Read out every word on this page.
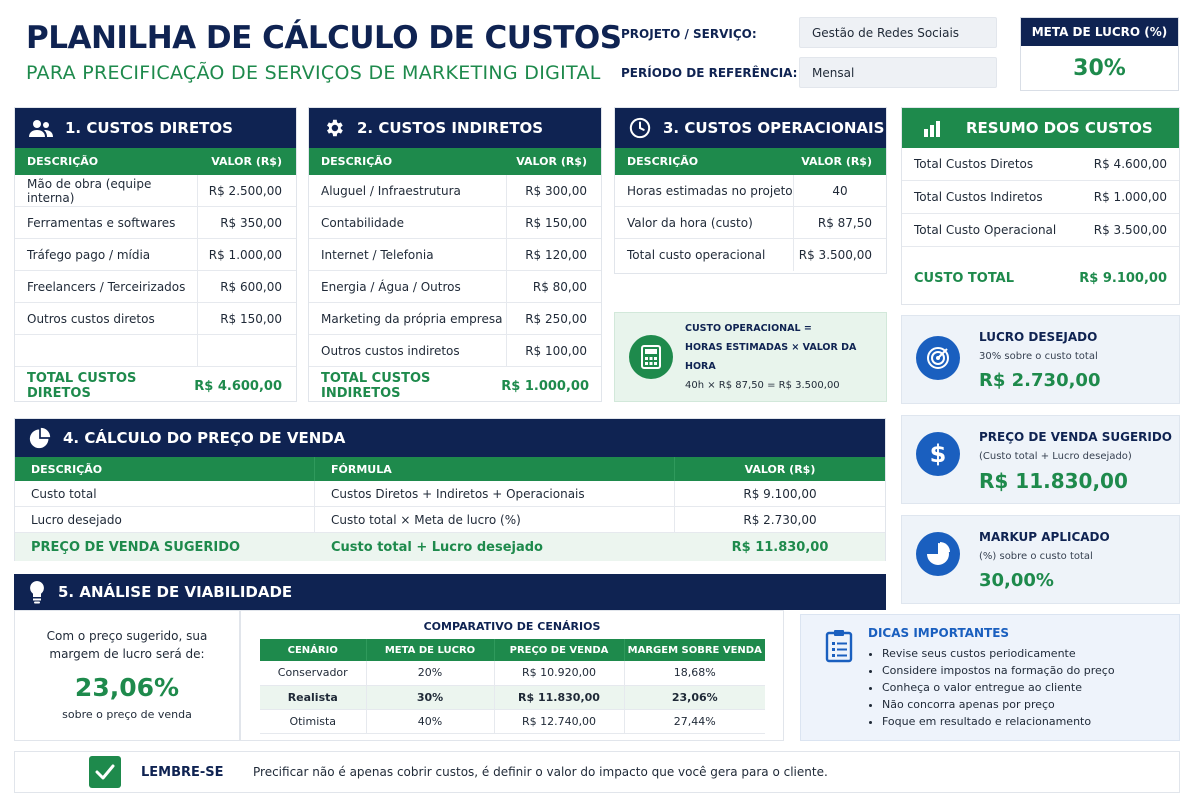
PLANILHA DE CÁLCULO DE CUSTOS
PARA PRECIFICAÇÃO DE SERVIÇOS DE MARKETING DIGITAL
PROJETO / SERVIÇO:	Gestão de Redes Sociais
PERÍODO DE REFERÊNCIA:	Mensal
META DE LUCRO (%)
30%
1. CUSTOS DIRETOS
DESCRIÇÃO	VALOR (R$)
Mão de obra (equipe interna)	R$ 2.500,00
Ferramentas e softwares	R$ 350,00
Tráfego pago / mídia	R$ 1.000,00
Freelancers / Terceirizados	R$ 600,00
Outros custos diretos	R$ 150,00
TOTAL CUSTOS DIRETOS	R$ 4.600,00
2. CUSTOS INDIRETOS
DESCRIÇÃO	VALOR (R$)
Aluguel / Infraestrutura	R$ 300,00
Contabilidade	R$ 150,00
Internet / Telefonia	R$ 120,00
Energia / Água / Outros	R$ 80,00
Marketing da própria empresa	R$ 250,00
Outros custos indiretos	R$ 100,00
TOTAL CUSTOS INDIRETOS	R$ 1.000,00
3. CUSTOS OPERACIONAIS
DESCRIÇÃO	VALOR (R$)
Horas estimadas no projeto	40
Valor da hora (custo)	R$ 87,50
Total custo operacional	R$ 3.500,00
CUSTO OPERACIONAL =
HORAS ESTIMADAS × VALOR DA HORA
40h × R$ 87,50 = R$ 3.500,00
RESUMO DOS CUSTOS
Total Custos Diretos	R$ 4.600,00
Total Custos Indiretos	R$ 1.000,00
Total Custo Operacional	R$ 3.500,00
CUSTO TOTAL	R$ 9.100,00
LUCRO DESEJADO
30% sobre o custo total
R$ 2.730,00
$
PREÇO DE VENDA SUGERIDO
(Custo total + Lucro desejado)
R$ 11.830,00
MARKUP APLICADO
(%) sobre o custo total
30,00%
4. CÁLCULO DO PREÇO DE VENDA
DESCRIÇÃO	FÓRMULA	VALOR (R$)
Custo total	Custos Diretos + Indiretos + Operacionais	R$ 9.100,00
Lucro desejado	Custo total × Meta de lucro (%)	R$ 2.730,00
PREÇO DE VENDA SUGERIDO	Custo total + Lucro desejado	R$ 11.830,00
5. ANÁLISE DE VIABILIDADE
Com o preço sugerido, sua margem de lucro será de:
23,06%
sobre o preço de venda
COMPARATIVO DE CENÁRIOS
CENÁRIO	META DE LUCRO	PREÇO DE VENDA	MARGEM SOBRE VENDA
Conservador	20%	R$ 10.920,00	18,68%
Realista	30%	R$ 11.830,00	23,06%
Otimista	40%	R$ 12.740,00	27,44%
DICAS IMPORTANTES
• Revise seus custos periodicamente
• Considere impostos na formação do preço
• Conheça o valor entregue ao cliente
• Não concorra apenas por preço
• Foque em resultado e relacionamento
LEMBRE-SE	Precificar não é apenas cobrir custos, é definir o valor do impacto que você gera para o cliente.
